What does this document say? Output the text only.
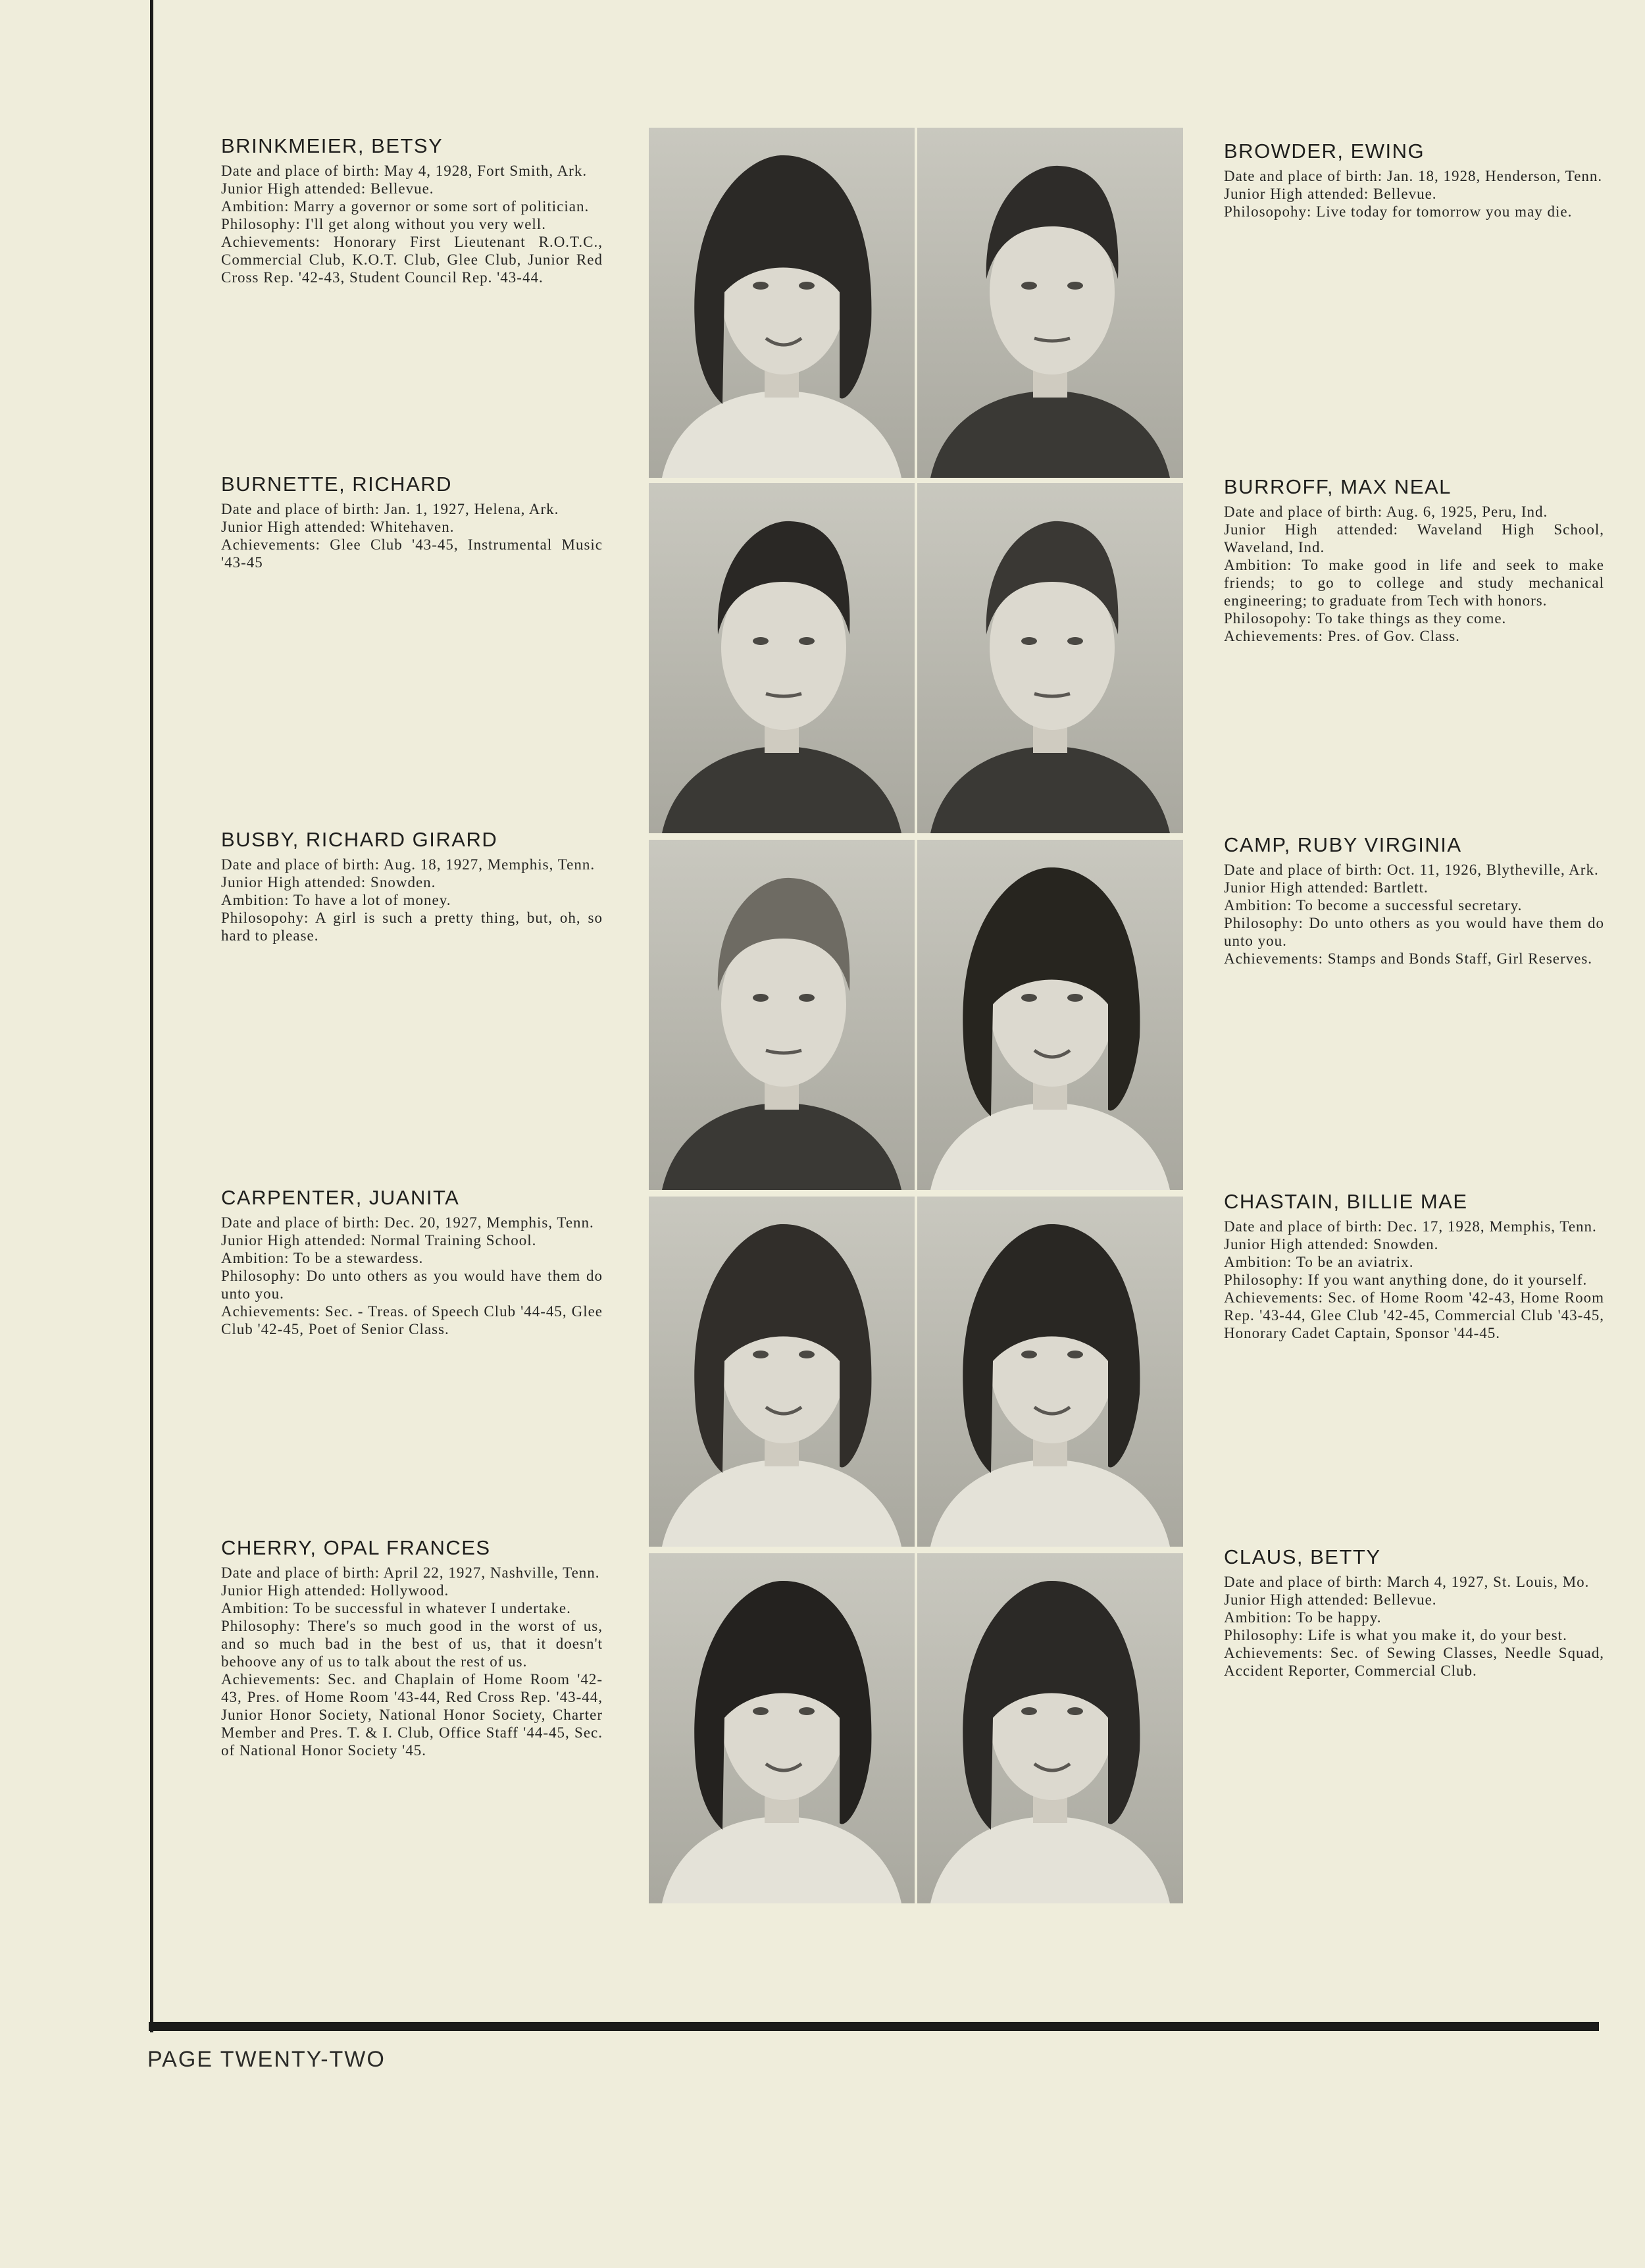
BRINKMEIER, BETSY

Date and place of birth: May 4, 1928, Fort Smith, Ark.

Junior High attended: Bellevue.

Ambition: Marry a governor or some sort of politician.

Philosophy: I'll get along without you very well.

Achievements: Honorary First Lieutenant R.O.T.C., Commercial Club, K.O.T. Club, Glee Club, Junior Red Cross Rep. '42-43, Student Council Rep. '43-44.

BURNETTE, RICHARD

Date and place of birth: Jan. 1, 1927, Helena, Ark.

Junior High attended: Whitehaven.

Achievements: Glee Club '43-45, Instrumental Music '43-45

BUSBY, RICHARD GIRARD

Date and place of birth: Aug. 18, 1927, Memphis, Tenn.

Junior High attended: Snowden.

Ambition: To have a lot of money.

Philosopohy: A girl is such a pretty thing, but, oh, so hard to please.

CARPENTER, JUANITA

Date and place of birth: Dec. 20, 1927, Memphis, Tenn.

Junior High attended: Normal Training School.

Ambition: To be a stewardess.

Philosophy: Do unto others as you would have them do unto you.

Achievements: Sec. - Treas. of Speech Club '44-45, Glee Club '42-45, Poet of Senior Class.

CHERRY, OPAL FRANCES

Date and place of birth: April 22, 1927, Nashville, Tenn.

Junior High attended: Hollywood.

Ambition: To be successful in whatever I undertake.

Philosophy: There's so much good in the worst of us, and so much bad in the best of us, that it doesn't behoove any of us to talk about the rest of us.

Achievements: Sec. and Chaplain of Home Room '42-43, Pres. of Home Room '43-44, Red Cross Rep. '43-44, Junior Honor Society, National Honor Society, Charter Member and Pres. T. & I. Club, Office Staff '44-45, Sec. of National Honor Society '45.

BROWDER, EWING

Date and place of birth: Jan. 18, 1928, Henderson, Tenn.

Junior High attended: Bellevue.

Philosopohy: Live today for tomorrow you may die.

BURROFF, MAX NEAL

Date and place of birth: Aug. 6, 1925, Peru, Ind.

Junior High attended: Waveland High School, Waveland, Ind.

Ambition: To make good in life and seek to make friends; to go to college and study mechanical engineering; to graduate from Tech with honors.

Philosopohy: To take things as they come.

Achievements: Pres. of Gov. Class.

CAMP, RUBY VIRGINIA

Date and place of birth: Oct. 11, 1926, Blytheville, Ark.

Junior High attended: Bartlett.

Ambition: To become a successful secretary.

Philosophy: Do unto others as you would have them do unto you.

Achievements: Stamps and Bonds Staff, Girl Reserves.

CHASTAIN, BILLIE MAE

Date and place of birth: Dec. 17, 1928, Memphis, Tenn.

Junior High attended: Snowden.

Ambition: To be an aviatrix.

Philosophy: If you want anything done, do it yourself.

Achievements: Sec. of Home Room '42-43, Home Room Rep. '43-44, Glee Club '42-45, Commercial Club '43-45, Honorary Cadet Captain, Sponsor '44-45.

CLAUS, BETTY

Date and place of birth: March 4, 1927, St. Louis, Mo.

Junior High attended: Bellevue.

Ambition: To be happy.

Philosophy: Life is what you make it, do your best.

Achievements: Sec. of Sewing Classes, Needle Squad, Accident Reporter, Commercial Club.

PAGE TWENTY-TWO
